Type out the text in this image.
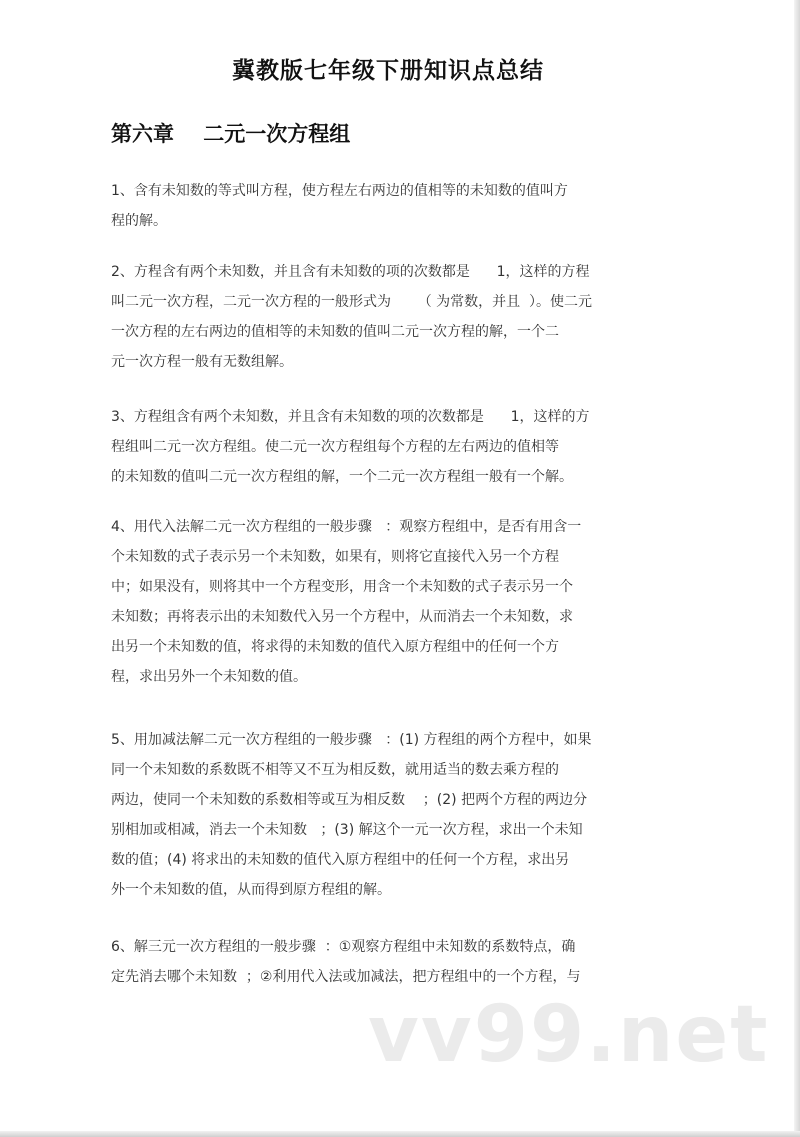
冀教版七年级下册知识点总结
第六章    二元一次方程组
1、含有未知数的等式叫方程，使方程左右两边的值相等的未知数的值叫方
程的解。
2、方程含有两个未知数，并且含有未知数的项的次数都是      1，这样的方程
叫二元一次方程，二元一次方程的一般形式为      （ 为常数，并且  ）。使二元
一次方程的左右两边的值相等的未知数的值叫二元一次方程的解，一个二
元一次方程一般有无数组解。
3、方程组含有两个未知数，并且含有未知数的项的次数都是      1，这样的方
程组叫二元一次方程组。使二元一次方程组每个方程的左右两边的值相等
的未知数的值叫二元一次方程组的解，一个二元一次方程组一般有一个解。
4、用代入法解二元一次方程组的一般步骤   ：观察方程组中，是否有用含一
个未知数的式子表示另一个未知数，如果有，则将它直接代入另一个方程
中；如果没有，则将其中一个方程变形，用含一个未知数的式子表示另一个
未知数；再将表示出的未知数代入另一个方程中，从而消去一个未知数，求
出另一个未知数的值，将求得的未知数的值代入原方程组中的任何一个方
程，求出另外一个未知数的值。
5、用加减法解二元一次方程组的一般步骤   ：(1) 方程组的两个方程中，如果
同一个未知数的系数既不相等又不互为相反数，就用适当的数去乘方程的
两边，使同一个未知数的系数相等或互为相反数    ；(2) 把两个方程的两边分
别相加或相减，消去一个未知数   ；(3) 解这个一元一次方程，求出一个未知
数的值；(4) 将求出的未知数的值代入原方程组中的任何一个方程，求出另
外一个未知数的值，从而得到原方程组的解。
6、解三元一次方程组的一般步骤  ：①观察方程组中未知数的系数特点，确
定先消去哪个未知数  ；②利用代入法或加减法，把方程组中的一个方程，与
vv99.net
